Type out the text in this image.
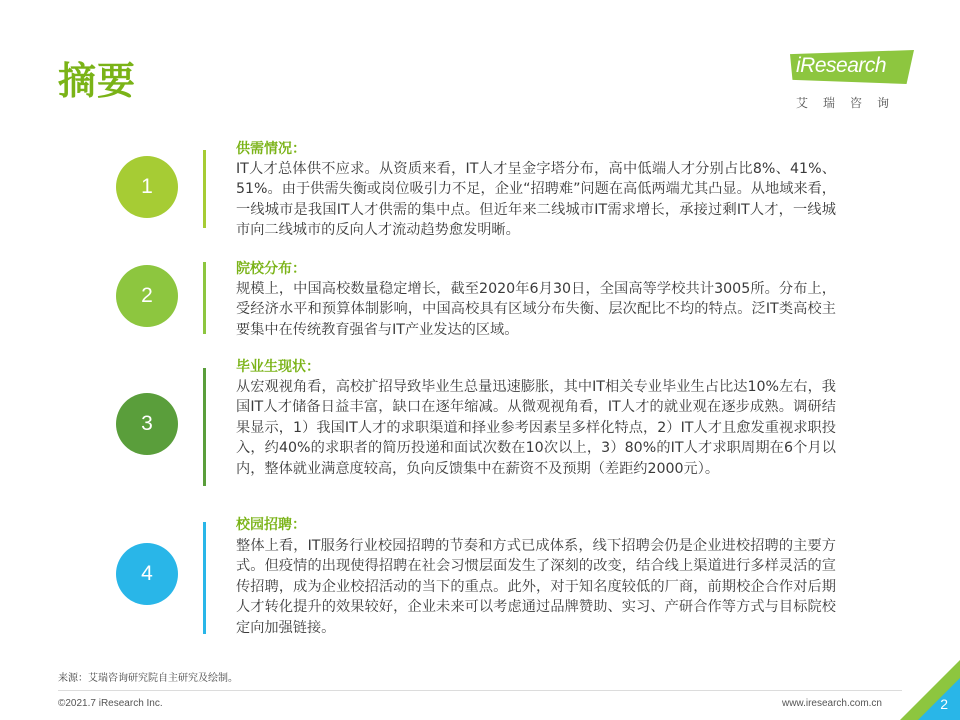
摘要	iResearch
艾瑞咨询
1
供需情况：
IT人才总体供不应求。从资质来看，IT人才呈金字塔分布，高中低端人才分别占比8%、41%、51%。由于供需失衡或岗位吸引力不足，企业“招聘难”问题在高低两端尤其凸显。从地域来看，一线城市是我国IT人才供需的集中点。但近年来二线城市IT需求增长，承接过剩IT人才，一线城市向二线城市的反向人才流动趋势愈发明晰。
2
院校分布：
规模上，中国高校数量稳定增长，截至2020年6月30日，全国高等学校共计3005所。分布上，受经济水平和预算体制影响，中国高校具有区域分布失衡、层次配比不均的特点。泛IT类高校主要集中在传统教育强省与IT产业发达的区域。
3
毕业生现状：
从宏观视角看，高校扩招导致毕业生总量迅速膨胀，其中IT相关专业毕业生占比达10%左右，我国IT人才储备日益丰富，缺口在逐年缩减。从微观视角看，IT人才的就业观在逐步成熟。调研结果显示，1）我国IT人才的求职渠道和择业参考因素呈多样化特点，2）IT人才且愈发重视求职投入，约40%的求职者的简历投递和面试次数在10次以上，3）80%的IT人才求职周期在6个月以内，整体就业满意度较高，负向反馈集中在薪资不及预期（差距约2000元）。
4
校园招聘：
整体上看，IT服务行业校园招聘的节奏和方式已成体系，线下招聘会仍是企业进校招聘的主要方式。但疫情的出现使得招聘在社会习惯层面发生了深刻的改变，结合线上渠道进行多样灵活的宣传招聘，成为企业校招活动的当下的重点。此外，对于知名度较低的厂商，前期校企合作对后期人才转化提升的效果较好，企业未来可以考虑通过品牌赞助、实习、产研合作等方式与目标院校定向加强链接。
来源：艾瑞咨询研究院自主研究及绘制。
©2021.7 iResearch Inc.	www.iresearch.com.cn	2
